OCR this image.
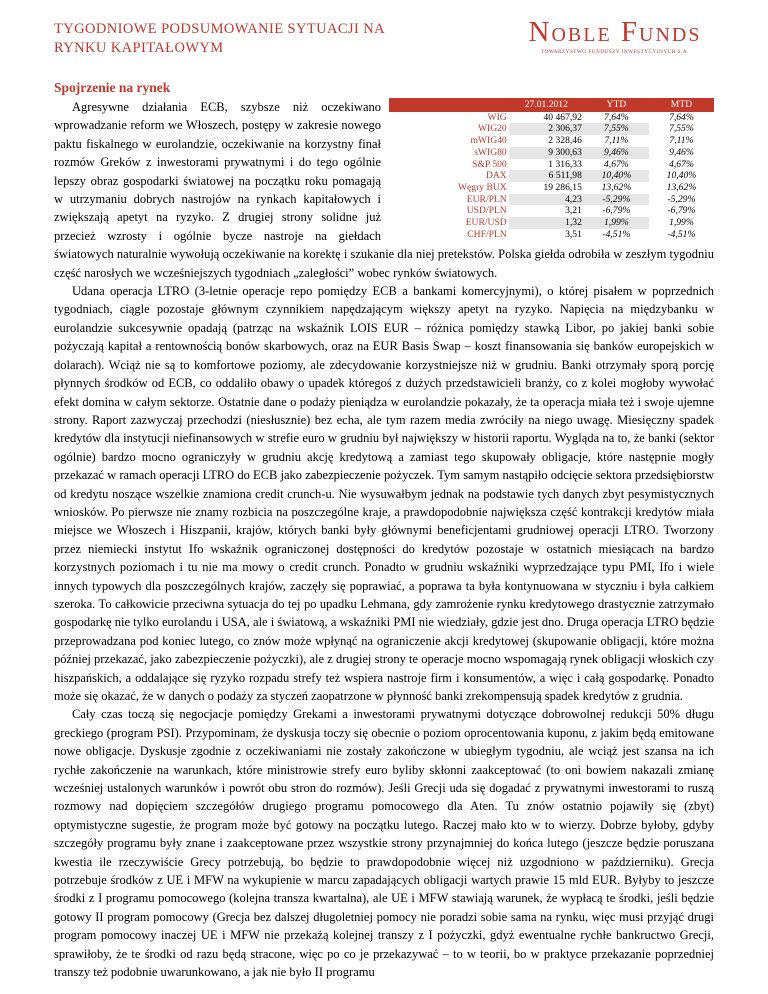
TYGODNIOWE PODSUMOWANIE SYTUACJI NA RYNKU KAPITAŁOWYM	Noble Funds
TOWARZYSTWO FUNDUSZY INWESTYCYJNYCH S.A.
Spojrzenie na rynek
	27.01.2012	YTD	MTD
WIG	40 467,92	7,64%	7,64%
WIG20	2 306,37	7,55%	7,55%
mWIG40	2 328,46	7,11%	7,11%
sWIG80	9 300,63	9,46%	9,46%
S&P 500	1 316,33	4,67%	4,67%
DAX	6 511,98	10,40%	10,40%
Węgry BUX	19 286,15	13,62%	13,62%
EUR/PLN	4,23	-5,29%	-5,29%
USD/PLN	3,21	-6,79%	-6,79%
EUR/USD	1,32	1,99%	1,99%
CHF/PLN	3,51	-4,51%	-4,51%

Agresywne działania ECB, szybsze niż oczekiwano wprowadzanie reform we Włoszech, postępy w zakresie nowego paktu fiskalnego w eurolandzie, oczekiwanie na korzystny finał rozmów Greków z inwestorami prywatnymi i do tego ogólnie lepszy obraz gospodarki światowej na początku roku pomagają w utrzymaniu dobrych nastrojów na rynkach kapitałowych i zwiększają apetyt na ryzyko. Z drugiej strony solidne już przecież wzrosty i ogólnie bycze nastroje na giełdach światowych naturalnie wywołują oczekiwanie na korektę i szukanie dla niej pretekstów. Polska giełda odrobiła w zeszłym tygodniu część narosłych we wcześniejszych tygodniach „zaległości” wobec rynków światowych.

Udana operacja LTRO (3-letnie operacje repo pomiędzy ECB a bankami komercyjnymi), o której pisałem w poprzednich tygodniach, ciągle pozostaje głównym czynnikiem napędzającym większy apetyt na ryzyko. Napięcia na międzybanku w eurolandzie sukcesywnie opadają (patrząc na wskaźnik LOIS EUR – różnica pomiędzy stawką Libor, po jakiej banki sobie pożyczają kapitał a rentownością bonów skarbowych, oraz na EUR Basis Swap – koszt finansowania się banków europejskich w dolarach). Wciąż nie są to komfortowe poziomy, ale zdecydowanie korzystniejsze niż w grudniu. Banki otrzymały sporą porcję płynnych środków od ECB, co oddaliło obawy o upadek któregoś z dużych przedstawicieli branży, co z kolei mogłoby wywołać efekt domina w całym sektorze. Ostatnie dane o podaży pieniądza w eurolandzie pokazały, że ta operacja miała też i swoje ujemne strony. Raport zazwyczaj przechodzi (niesłusznie) bez echa, ale tym razem media zwróciły na niego uwagę. Miesięczny spadek kredytów dla instytucji niefinansowych w strefie euro w grudniu był największy w historii raportu. Wygląda na to, że banki (sektor ogólnie) bardzo mocno ograniczyły w grudniu akcję kredytową a zamiast tego skupowały obligacje, które następnie mogły przekazać w ramach operacji LTRO do ECB jako zabezpieczenie pożyczek. Tym samym nastąpiło odcięcie sektora przedsiębiorstw od kredytu noszące wszelkie znamiona credit crunch-u. Nie wysuwałbym jednak na podstawie tych danych zbyt pesymistycznych wniosków. Po pierwsze nie znamy rozbicia na poszczególne kraje, a prawdopodobnie największa część kontrakcji kredytów miała miejsce we Włoszech i Hiszpanii, krajów, których banki były głównymi beneficjentami grudniowej operacji LTRO. Tworzony przez niemiecki instytut Ifo wskaźnik ograniczonej dostępności do kredytów pozostaje w ostatnich miesiącach na bardzo korzystnych poziomach i tu nie ma mowy o credit crunch. Ponadto w grudniu wskaźniki wyprzedzające typu PMI, Ifo i wiele innych typowych dla poszczególnych krajów, zaczęły się poprawiać, a poprawa ta była kontynuowana w styczniu i była całkiem szeroka. To całkowicie przeciwna sytuacja do tej po upadku Lehmana, gdy zamrożenie rynku kredytowego drastycznie zatrzymało gospodarkę nie tylko eurolandu i USA, ale i światową, a wskaźniki PMI nie wiedziały, gdzie jest dno. Druga operacja LTRO będzie przeprowadzana pod koniec lutego, co znów może wpłynąć na ograniczenie akcji kredytowej (skupowanie obligacji, które można później przekazać, jako zabezpieczenie pożyczki), ale z drugiej strony te operacje mocno wspomagają rynek obligacji włoskich czy hiszpańskich, a oddalające się ryzyko rozpadu strefy też wspiera nastroje firm i konsumentów, a więc i całą gospodarkę. Ponadto może się okazać, że w danych o podaży za styczeń zaopatrzone w płynność banki zrekompensują spadek kredytów z grudnia.

Cały czas toczą się negocjacje pomiędzy Grekami a inwestorami prywatnymi dotyczące dobrowolnej redukcji 50% długu greckiego (program PSI). Przypominam, że dyskusja toczy się obecnie o poziom oprocentowania kuponu, z jakim będą emitowane nowe obligacje. Dyskusje zgodnie z oczekiwaniami nie zostały zakończone w ubiegłym tygodniu, ale wciąż jest szansa na ich rychłe zakończenie na warunkach, które ministrowie strefy euro byliby skłonni zaakceptować (to oni bowiem nakazali zmianę wcześniej ustalonych warunków i powrót obu stron do rozmów). Jeśli Grecji uda się dogadać z prywatnymi inwestorami to ruszą rozmowy nad dopięciem szczegółów drugiego programu pomocowego dla Aten. Tu znów ostatnio pojawiły się (zbyt) optymistyczne sugestie, że program może być gotowy na początku lutego. Raczej mało kto w to wierzy. Dobrze byłoby, gdyby szczegóły programu były znane i zaakceptowane przez wszystkie strony przynajmniej do końca lutego (jeszcze będzie poruszana kwestia ile rzeczywiście Grecy potrzebują, bo będzie to prawdopodobnie więcej niż uzgodniono w październiku). Grecja potrzebuje środków z UE i MFW na wykupienie w marcu zapadających obligacji wartych prawie 15 mld EUR. Byłyby to jeszcze środki z I programu pomocowego (kolejna transza kwartalna), ale UE i MFW stawiają warunek, że wypłacą te środki, jeśli będzie gotowy II program pomocowy (Grecja bez dalszej długoletniej pomocy nie poradzi sobie sama na rynku, więc musi przyjąć drugi program pomocowy inaczej UE i MFW nie przekażą kolejnej transzy z I pożyczki, gdyż ewentualne rychłe bankructwo Grecji, sprawiłoby, że te środki od razu będą stracone, więc po co je przekazywać – to w teorii, bo w praktyce przekazanie poprzedniej transzy też podobnie uwarunkowano, a jak nie było II programu
